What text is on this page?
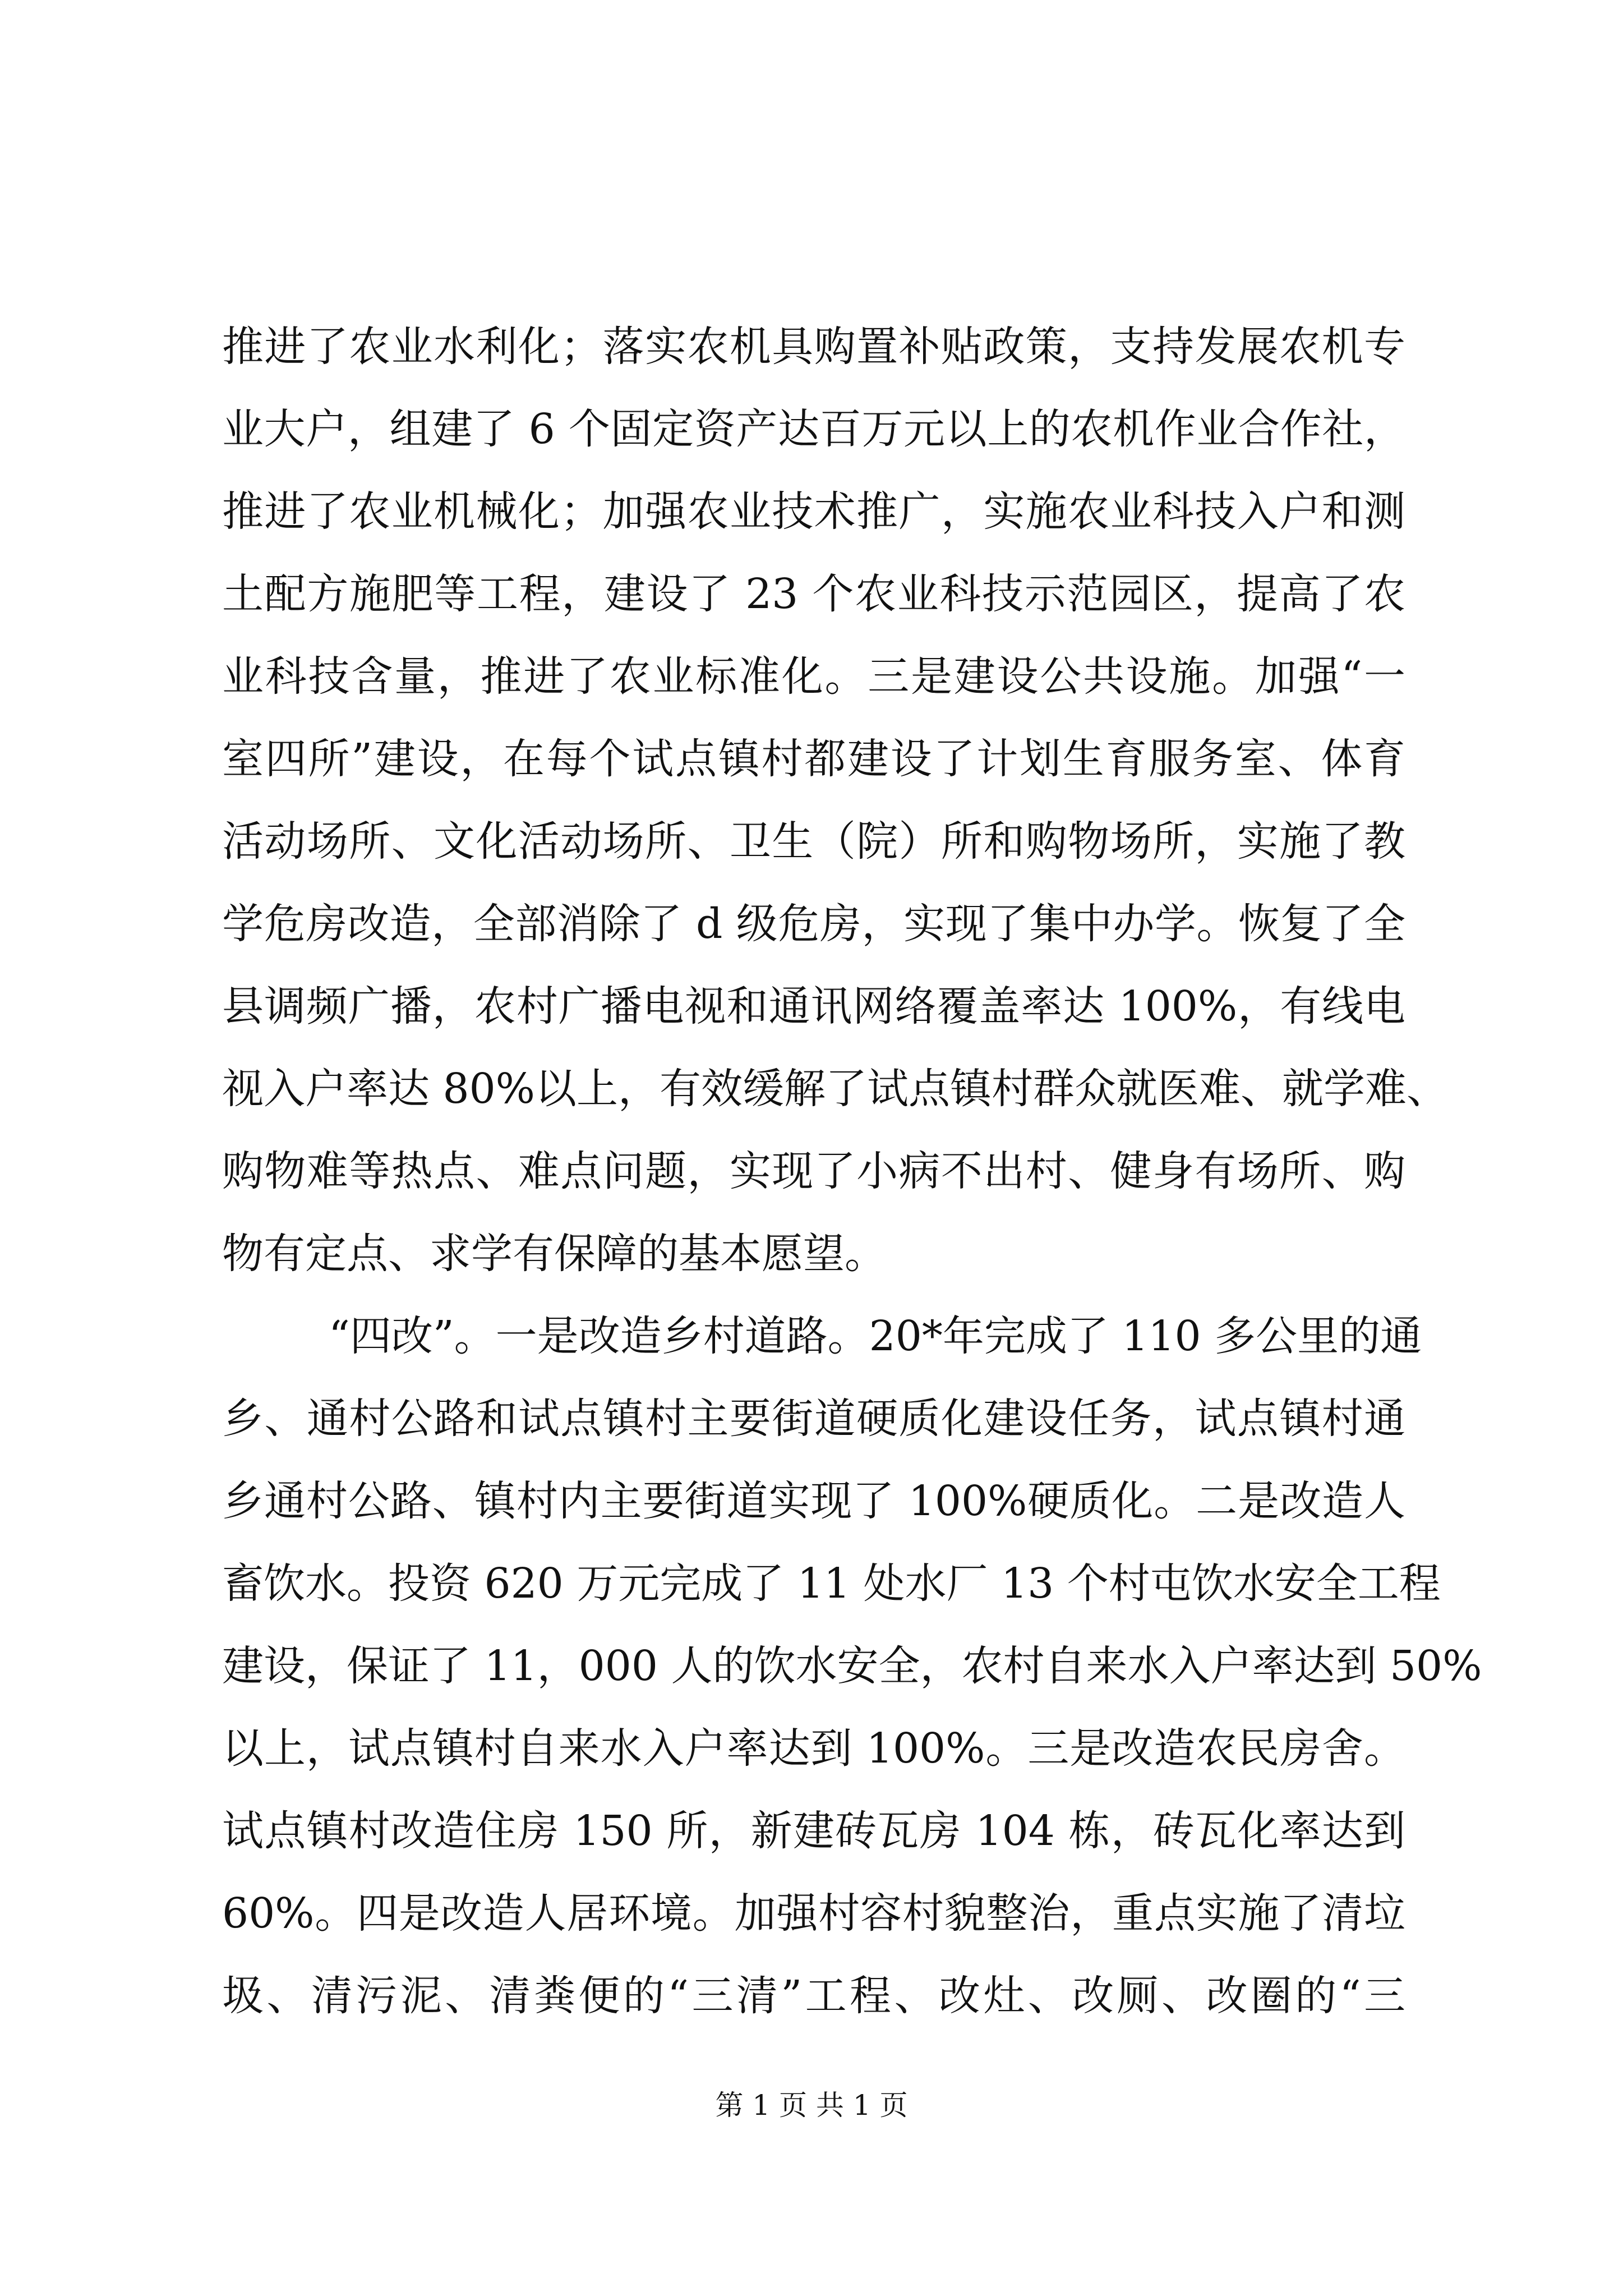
推进了农业水利化；落实农机具购置补贴政策，支持发展农机专
业大户，组建了 6 个固定资产达百万元以上的农机作业合作社，
推进了农业机械化；加强农业技术推广，实施农业科技入户和测
土配方施肥等工程，建设了 23 个农业科技示范园区，提高了农
业科技含量，推进了农业标准化。三是建设公共设施。加强“一
室四所”建设，在每个试点镇村都建设了计划生育服务室、体育
活动场所、文化活动场所、卫生（院）所和购物场所，实施了教
学危房改造，全部消除了 d 级危房，实现了集中办学。恢复了全
县调频广播，农村广播电视和通讯网络覆盖率达 100%，有线电
视入户率达 80%以上，有效缓解了试点镇村群众就医难、就学难、
购物难等热点、难点问题，实现了小病不出村、健身有场所、购
物有定点、求学有保障的基本愿望。
“四改”。一是改造乡村道路。20*年完成了 110 多公里的通
乡、通村公路和试点镇村主要街道硬质化建设任务，试点镇村通
乡通村公路、镇村内主要街道实现了 100%硬质化。二是改造人
畜饮水。投资 620 万元完成了 11 处水厂 13 个村屯饮水安全工程
建设，保证了 11，000 人的饮水安全，农村自来水入户率达到 50%
以上，试点镇村自来水入户率达到 100%。三是改造农民房舍。
试点镇村改造住房 150 所，新建砖瓦房 104 栋，砖瓦化率达到
60%。四是改造人居环境。加强村容村貌整治，重点实施了清垃
圾、清污泥、清粪便的“三清”工程、改灶、改厕、改圈的“三
第 1 页 共 1 页
